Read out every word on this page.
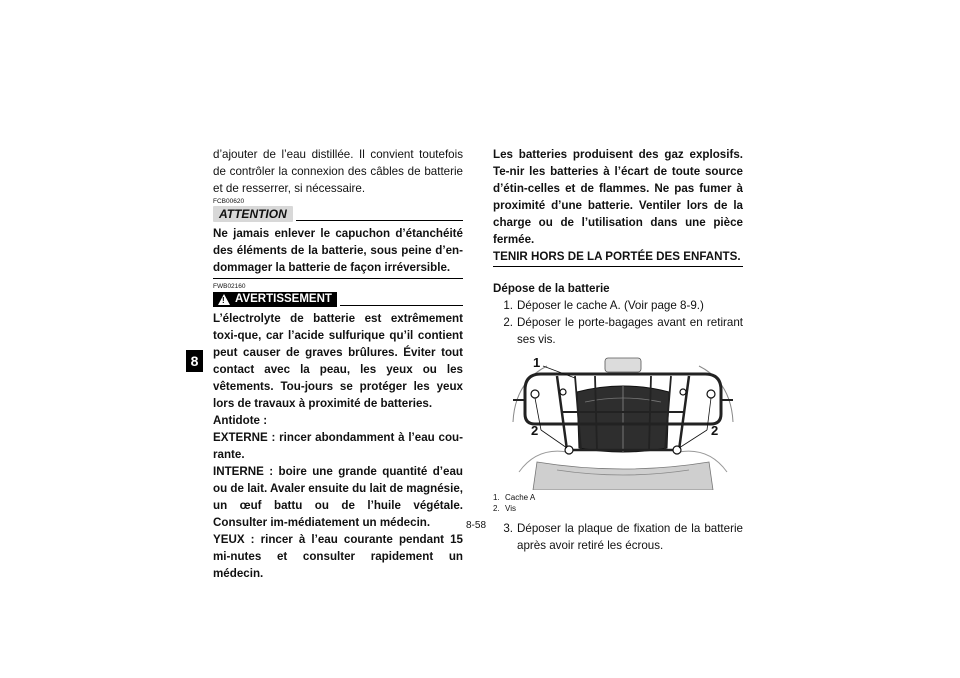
8

d’ajouter de l’eau distillée. Il convient toutefois de contrôler la connexion des câbles de batterie et de resserrer, si nécessaire.

FCB00620
ATTENTION

Ne jamais enlever le capuchon d’étanchéité des éléments de la batterie, sous peine d’en-dommager la batterie de façon irréversible.

FWB02160
! AVERTISSEMENT

L’électrolyte de batterie est extrêmement toxi-que, car l’acide sulfurique qu’il contient peut causer de graves brûlures. Éviter tout contact avec la peau, les yeux ou les vêtements. Tou-jours se protéger les yeux lors de travaux à proximité de batteries.

Antidote :

EXTERNE : rincer abondamment à l’eau cou-rante.

INTERNE : boire une grande quantité d’eau ou de lait. Avaler ensuite du lait de magnésie, un œuf battu ou de l’huile végétale. Consulter im-médiatement un médecin.

YEUX : rincer à l’eau courante pendant 15 mi-nutes et consulter rapidement un médecin.

Les batteries produisent des gaz explosifs. Te-nir les batteries à l’écart de toute source d’étin-celles et de flammes. Ne pas fumer à proximité d’une batterie. Ventiler lors de la charge ou de l’utilisation dans une pièce fermée.

TENIR HORS DE LA PORTÉE DES ENFANTS.

Dépose de la batterie

1. Déposer le cache A. (Voir page 8-9.)
2. Déposer le porte-bagages avant en retirant ses vis.
1
2	2
1. Cache A
2. Vis
3. Déposer la plaque de fixation de la batterie après avoir retiré les écrous.
8-58
